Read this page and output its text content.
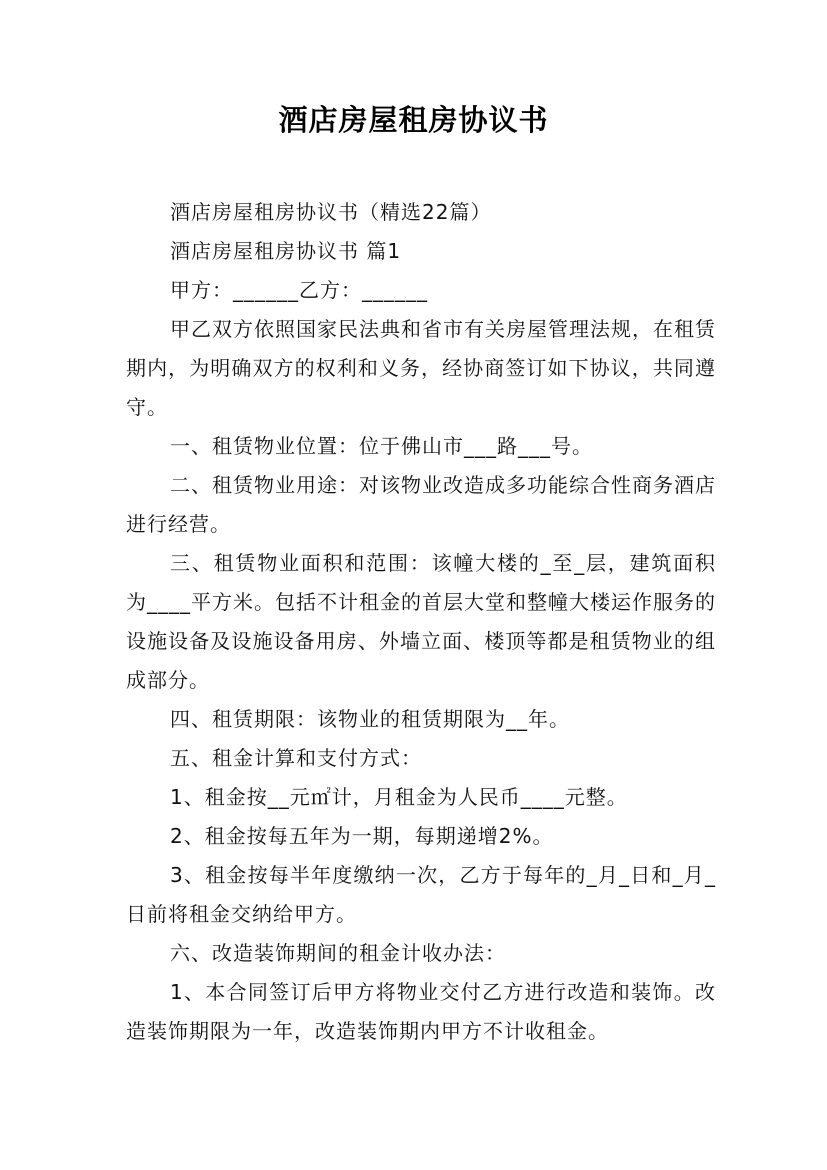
酒店房屋租房协议书

酒店房屋租房协议书（精选22篇）

酒店房屋租房协议书 篇1

甲方：______乙方：______

甲乙双方依照国家民法典和省市有关房屋管理法规，在租赁期内，为明确双方的权利和义务，经协商签订如下协议，共同遵守。

一、租赁物业位置：位于佛山市___路___号。

二、租赁物业用途：对该物业改造成多功能综合性商务酒店进行经营。

三、租赁物业面积和范围：该幢大楼的_至_层，建筑面积为____平方米。包括不计租金的首层大堂和整幢大楼运作服务的设施设备及设施设备用房、外墙立面、楼顶等都是租赁物业的组成部分。

四、租赁期限：该物业的租赁期限为__年。

五、租金计算和支付方式：

1、租金按__元㎡计，月租金为人民币____元整。

2、租金按每五年为一期，每期递增2%。

3、租金按每半年度缴纳一次，乙方于每年的_月_日和_月_日前将租金交纳给甲方。

六、改造装饰期间的租金计收办法：

1、本合同签订后甲方将物业交付乙方进行改造和装饰。改造装饰期限为一年，改造装饰期内甲方不计收租金。
